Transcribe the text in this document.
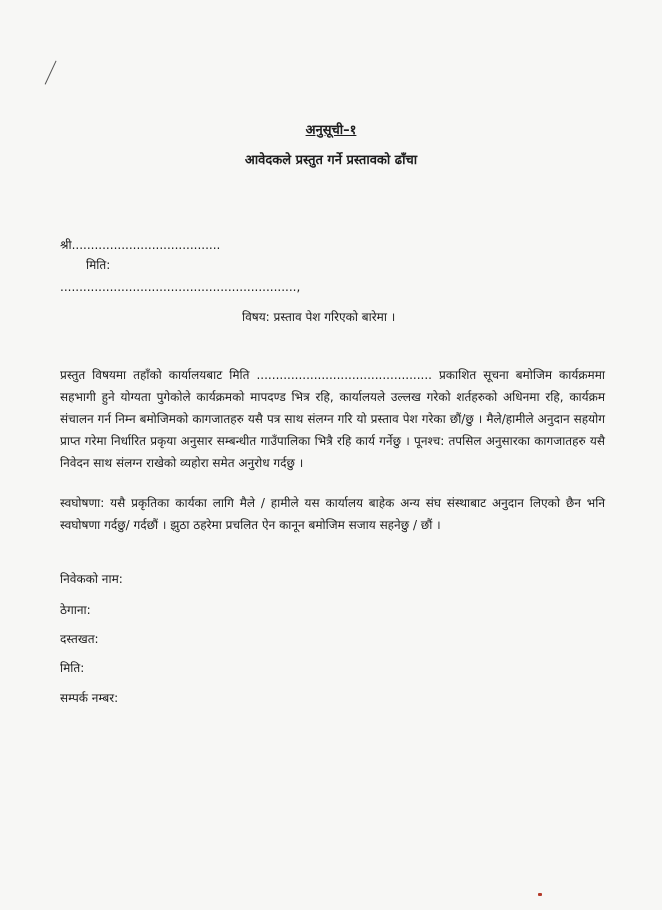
अनुसूची–१
आवेदकले प्रस्तुत गर्ने प्रस्तावको ढाँचा
श्री.......................................
मिति:
..............................................................,
विषय: प्रस्ताव पेश गरिएको बारेमा ।
प्रस्तुत विषयमा तहाँको कार्यालयबाट मिति .............................................. प्रकाशित सूचना बमोजिम कार्यक्रममा सहभागी हुने योग्यता पुगेकोले कार्यक्रमको मापदण्ड भित्र रहि, कार्यालयले उल्लख गरेको शर्तहरुको अधिनमा रहि, कार्यक्रम संचालन गर्न निम्न बमोजिमको कागजातहरु यसै पत्र साथ संलग्न गरि यो प्रस्ताव पेश गरेका छौं/छु । मैले/हामीले अनुदान सहयोग प्राप्त गरेमा निर्धारित प्रकृया अनुसार सम्बन्धीत गाउँपालिका भित्रै रहि कार्य गर्नेछु । पूनश्च: तपसिल अनुसारका कागजातहरु यसै निवेदन साथ संलग्न राखेको व्यहोरा समेत अनुरोध गर्दछु ।
स्वघोषणा: यसै प्रकृतिका कार्यका लागि मैले / हामीले यस कार्यालय बाहेक अन्य संघ संस्थाबाट अनुदान लिएको छैन भनि स्वघोषणा गर्दछु/ गर्दछौं । झुठा ठहरेमा प्रचलित ऐन कानून बमोजिम सजाय सहनेछु / छौं ।
निवेकको नाम:
ठेगाना:
दस्तखत:
मिति:
सम्पर्क नम्बर:
